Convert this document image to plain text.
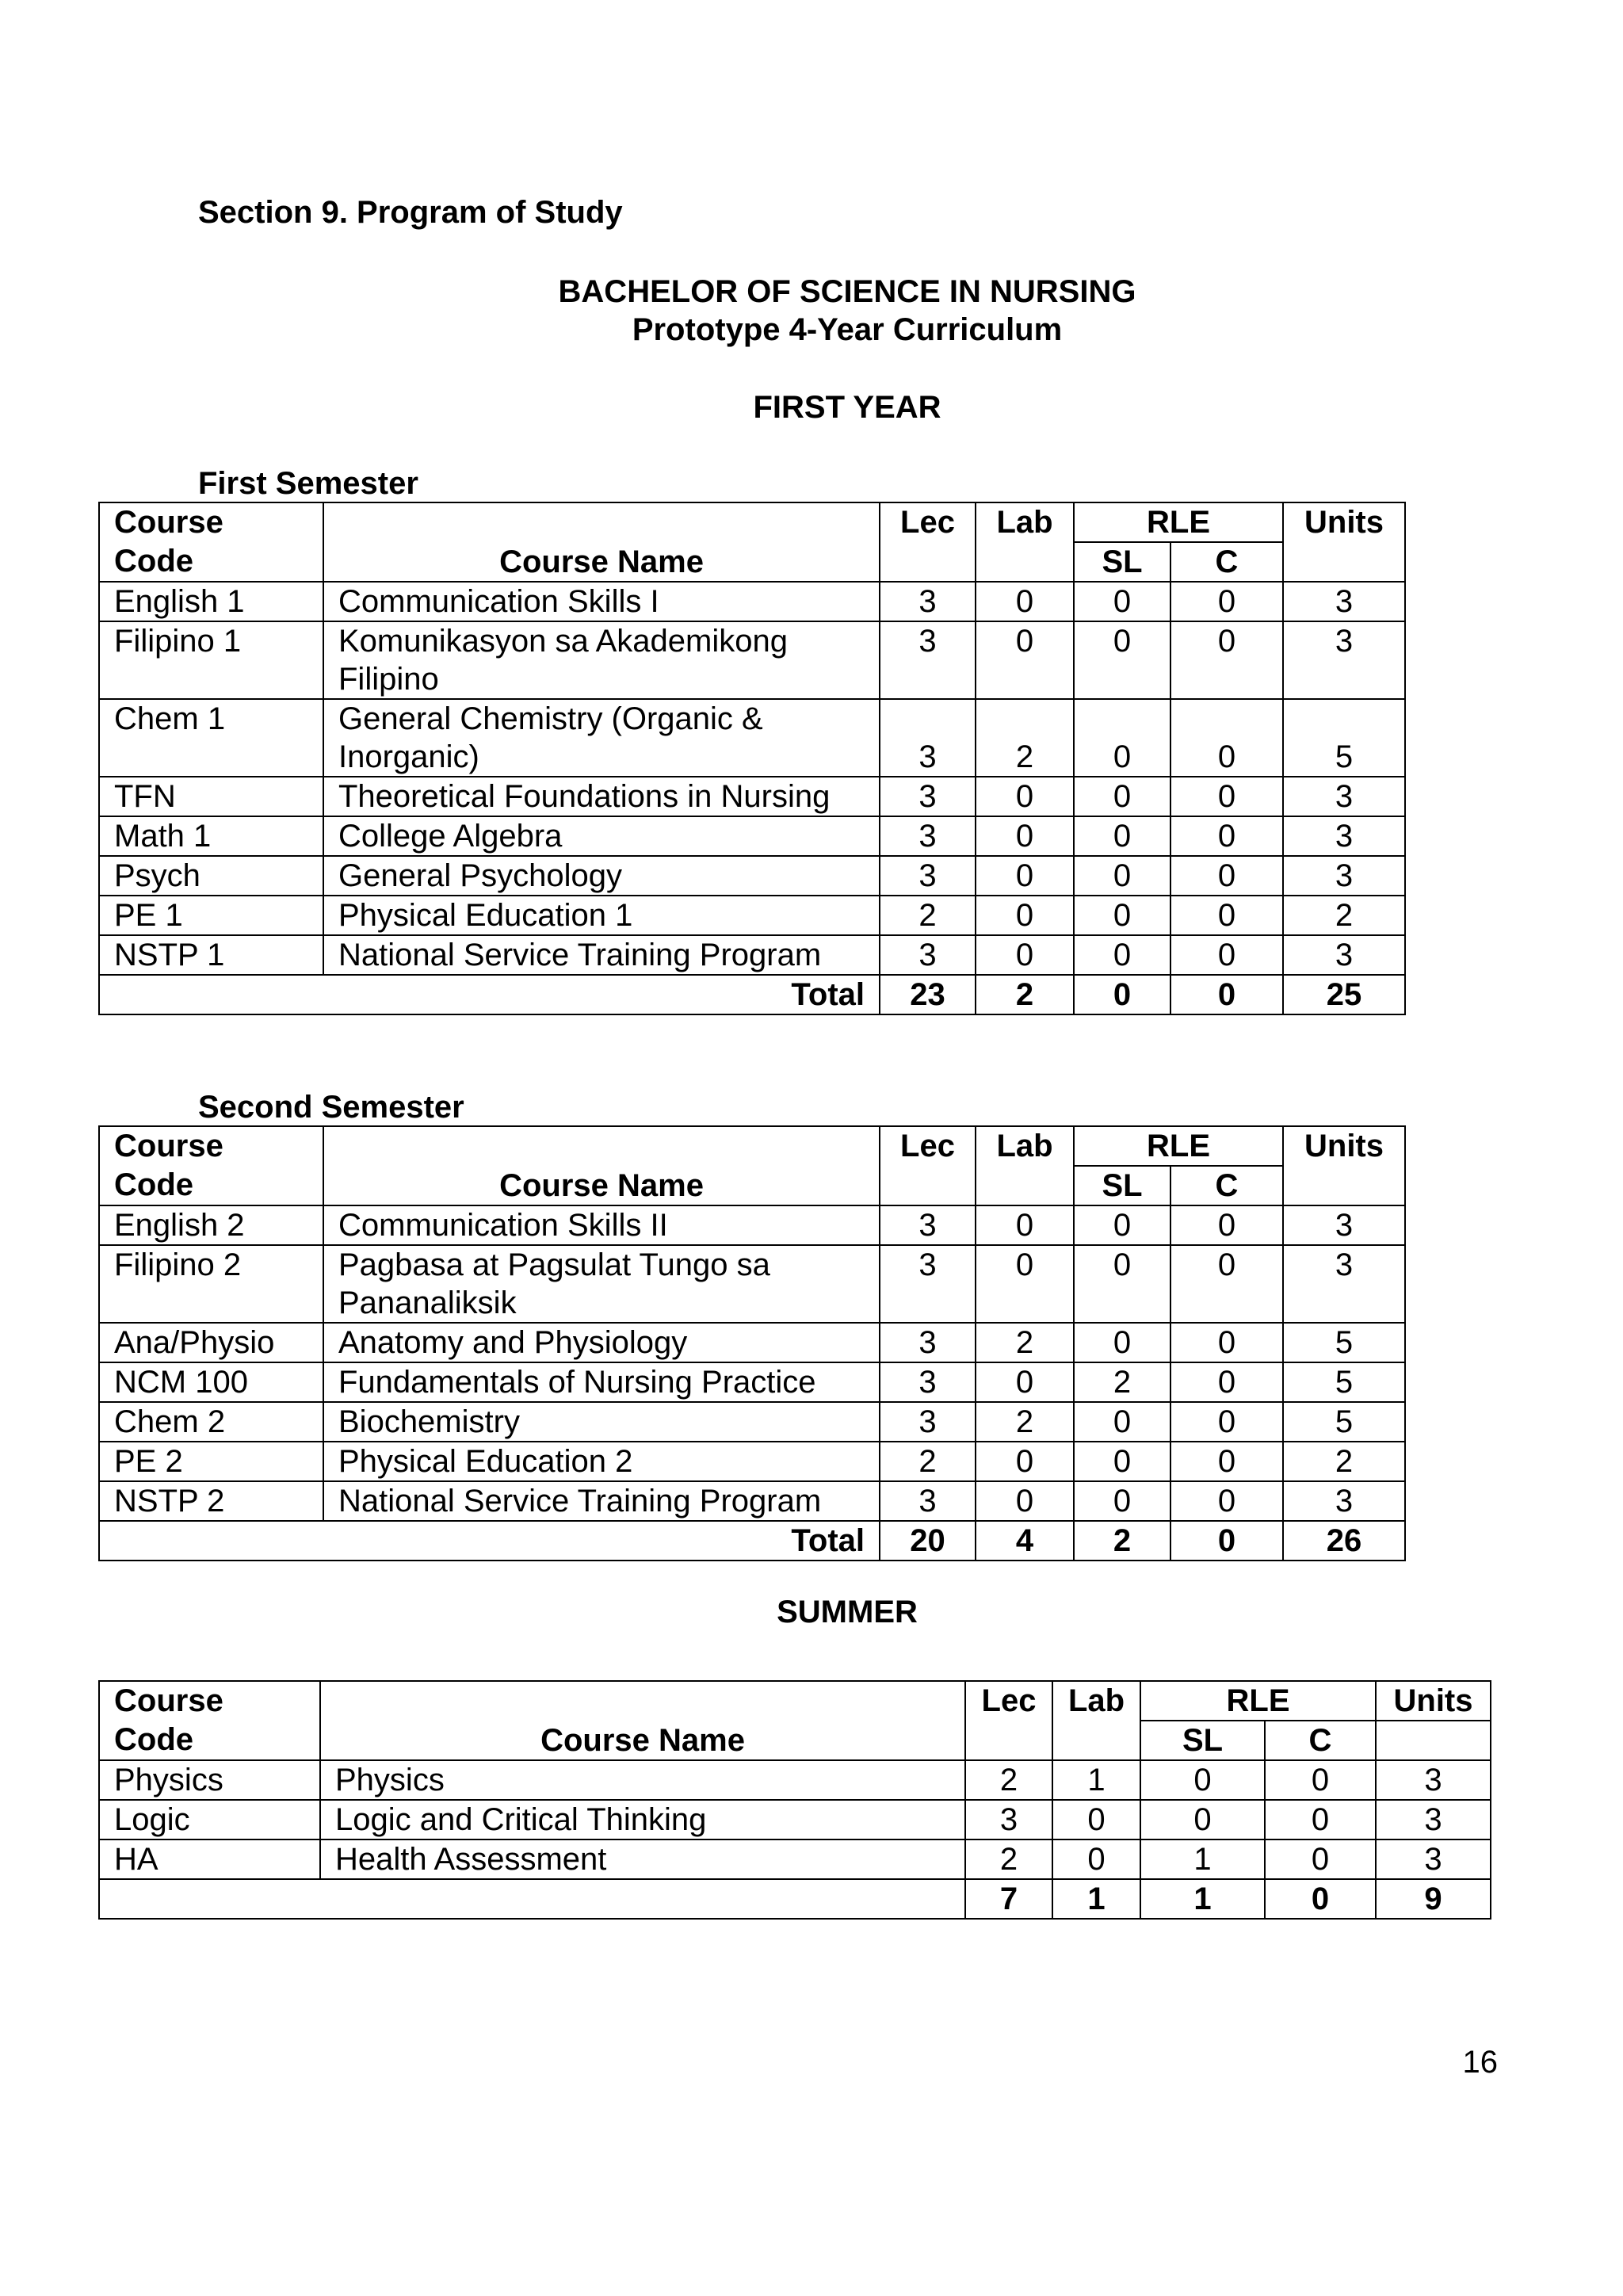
Section 9. Program of Study
BACHELOR OF SCIENCE IN NURSING
Prototype 4-Year Curriculum
FIRST YEAR
First Semester
Course		Lec	Lab	RLE		Units
Code	Course Name			SL	C	
English 1	Communication Skills I	3	0	0	0	3
Filipino 1	Komunikasyon sa Akademikong Filipino	3	0	0	0	3
Chem 1	General Chemistry (Organic & Inorganic)	3	2	0	0	5
TFN	Theoretical Foundations in Nursing	3	0	0	0	3
Math 1	College Algebra	3	0	0	0	3
Psych	General Psychology	3	0	0	0	3
PE 1	Physical Education 1	2	0	0	0	2
NSTP 1	National Service Training Program	3	0	0	0	3
Total		23	2	0	0	25
Second Semester
Course		Lec	Lab	RLE		Units
Code	Course Name			SL	C	
English 2	Communication Skills II	3	0	0	0	3
Filipino 2	Pagbasa at Pagsulat Tungo sa Pananaliksik	3	0	0	0	3
Ana/Physio	Anatomy and Physiology	3	2	0	0	5
NCM 100	Fundamentals of Nursing Practice	3	0	2	0	5
Chem 2	Biochemistry	3	2	0	0	5
PE 2	Physical Education 2	2	0	0	0	2
NSTP 2	National Service Training Program	3	0	0	0	3
Total		20	4	2	0	26
SUMMER
Course		Lec	Lab	RLE		Units
Code	Course Name			SL	C	
Physics	Physics	2	1	0	0	3
Logic	Logic and Critical Thinking	3	0	0	0	3
HA	Health Assessment	2	0	1	0	3
		7	1	1	0	9
16
